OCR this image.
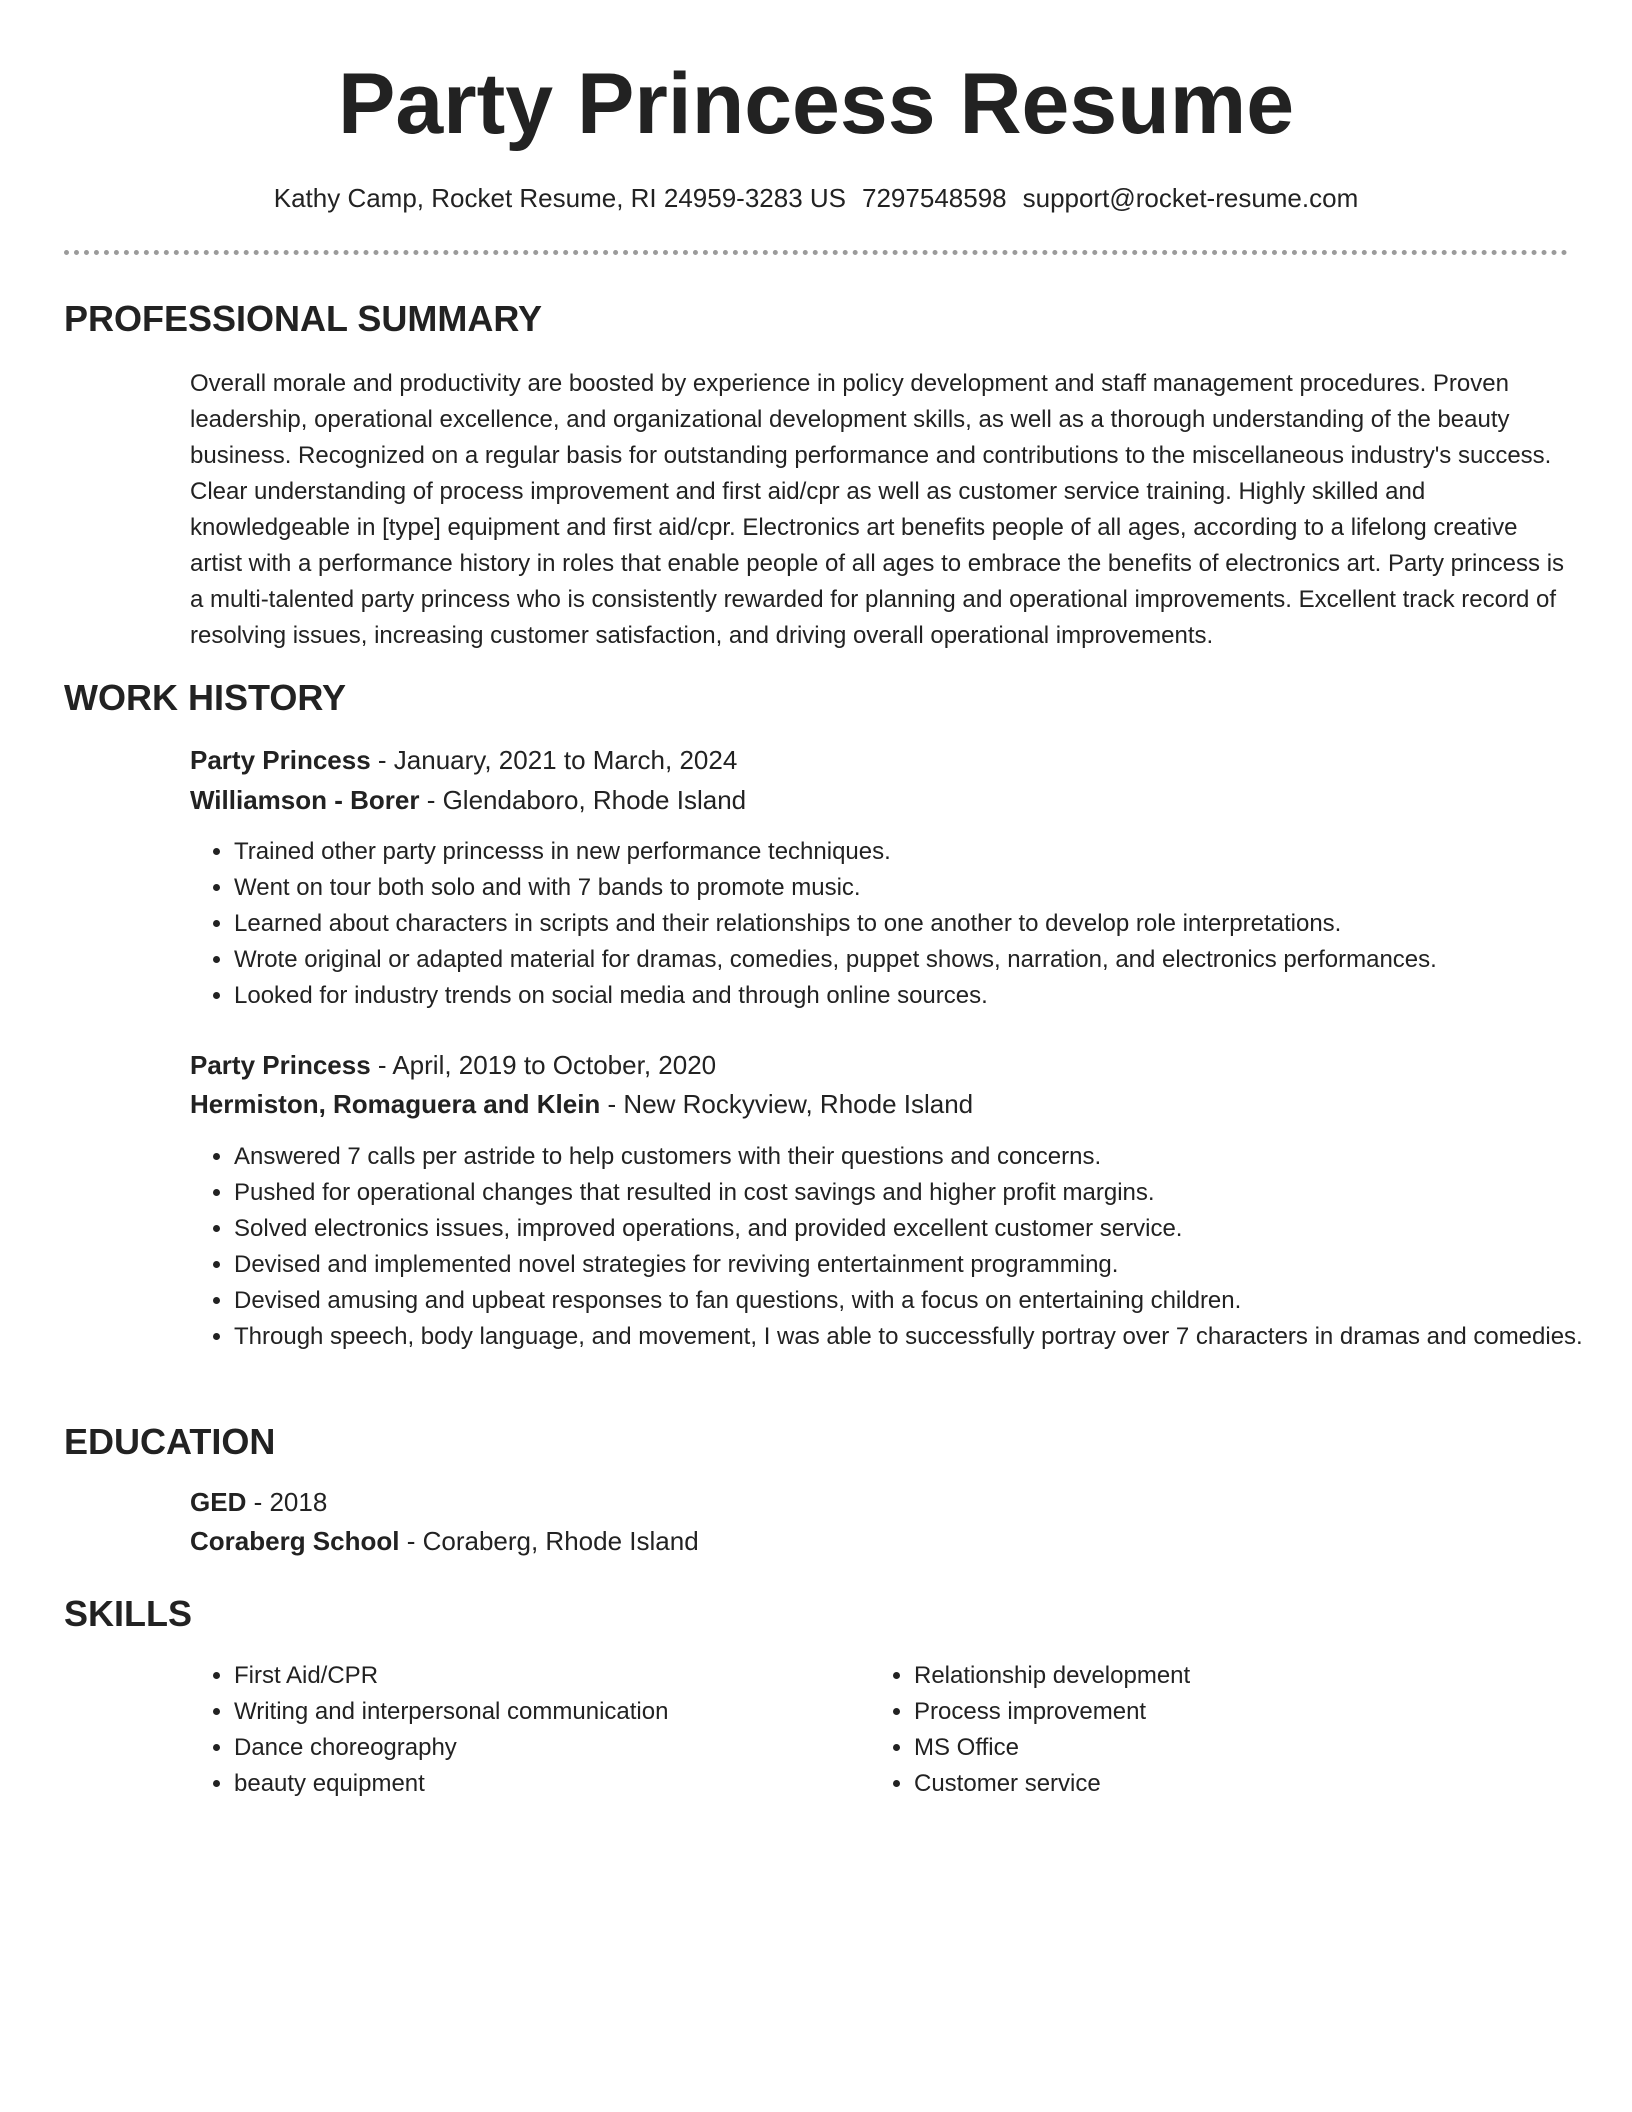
Party Princess Resume
Kathy Camp, Rocket Resume, RI 24959-3283 US 7297548598 support@rocket-resume.com
PROFESSIONAL SUMMARY

Overall morale and productivity are boosted by experience in policy development and staff management procedures. Proven leadership, operational excellence, and organizational development skills, as well as a thorough understanding of the beauty business. Recognized on a regular basis for outstanding performance and contributions to the miscellaneous industry's success. Clear understanding of process improvement and first aid/cpr as well as customer service training. Highly skilled and knowledgeable in [type] equipment and first aid/cpr. Electronics art benefits people of all ages, according to a lifelong creative artist with a performance history in roles that enable people of all ages to embrace the benefits of electronics art. Party princess is a multi-talented party princess who is consistently rewarded for planning and operational improvements. Excellent track record of resolving issues, increasing customer satisfaction, and driving overall operational improvements.

WORK HISTORY
Party Princess - January, 2021 to March, 2024
Williamson - Borer - Glendaboro, Rhode Island
• Trained other party princesss in new performance techniques.
• Went on tour both solo and with 7 bands to promote music.
• Learned about characters in scripts and their relationships to one another to develop role interpretations.
• Wrote original or adapted material for dramas, comedies, puppet shows, narration, and electronics performances.
• Looked for industry trends on social media and through online sources.
Party Princess - April, 2019 to October, 2020
Hermiston, Romaguera and Klein - New Rockyview, Rhode Island
• Answered 7 calls per astride to help customers with their questions and concerns.
• Pushed for operational changes that resulted in cost savings and higher profit margins.
• Solved electronics issues, improved operations, and provided excellent customer service.
• Devised and implemented novel strategies for reviving entertainment programming.
• Devised amusing and upbeat responses to fan questions, with a focus on entertaining children.
• Through speech, body language, and movement, I was able to successfully portray over 7 characters in dramas and comedies.
EDUCATION
GED - 2018
Coraberg School - Coraberg, Rhode Island
SKILLS
• First Aid/CPR
• Writing and interpersonal communication
• Dance choreography
• beauty equipment
• Relationship development
• Process improvement
• MS Office
• Customer service
